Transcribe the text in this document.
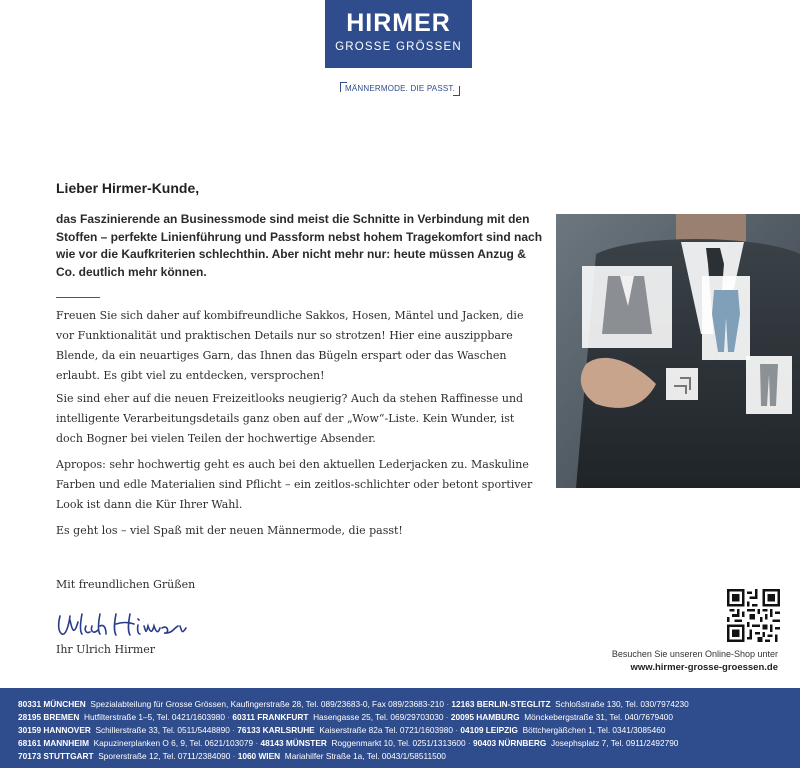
HIRMER
GROSSE GRÖSSEN
MÄNNERMODE. DIE PASST.
Lieber Hirmer-Kunde,

das Faszinierende an Businessmode sind meist die Schnitte in Verbindung mit den Stoffen – perfekte Linienführung und Passform nebst hohem Tragekomfort sind nach wie vor die Kaufkriterien schlechthin. Aber nicht mehr nur: heute müssen Anzug & Co. deutlich mehr können.

Freuen Sie sich daher auf kombifreundliche Sakkos, Hosen, Mäntel und Jacken, die vor Funktionalität und praktischen Details nur so strotzen! Hier eine auszippbare Blende, da ein neuartiges Garn, das Ihnen das Bügeln erspart oder das Waschen erlaubt. Es gibt viel zu entdecken, versprochen!

Sie sind eher auf die neuen Freizeitlooks neugierig? Auch da stehen Raffinesse und intelligente Verarbeitungsdetails ganz oben auf der „Wow“-Liste. Kein Wunder, ist doch Bogner bei vielen Teilen der hochwertige Absender.

Apropos: sehr hochwertig geht es auch bei den aktuellen Lederjacken zu. Maskuline Farben und edle Materialien sind Pflicht – ein zeitlos-schlichter oder betont sportiver Look ist dann die Kür Ihrer Wahl.

Es geht los – viel Spaß mit der neuen Männermode, die passt!

Mit freundlichen Grüßen
Ihr Ulrich Hirmer	Besuchen Sie unseren Online-Shop unter
www.hirmer-grosse-groessen.de
80331 MÜNCHEN Spezialabteilung für Grosse Grössen, Kaufingerstraße 28, Tel. 089/23683-0, Fax 089/23683-210 · 12163 BERLIN-STEGLITZ Schloßstraße 130, Tel. 030/7974230
28195 BREMEN Hutfilterstraße 1–5, Tel. 0421/1603980 · 60311 FRANKFURT Hasengasse 25, Tel. 069/29703030 · 20095 HAMBURG Mönckebergstraße 31, Tel. 040/7679400
30159 HANNOVER Schillerstraße 33, Tel. 0511/5448890 · 76133 KARLSRUHE Kaiserstraße 82a Tel. 0721/1603980 · 04109 LEIPZIG Böttchergäßchen 1, Tel. 0341/3085460
68161 MANNHEIM Kapuzinerplanken O 6, 9, Tel. 0621/103079 · 48143 MÜNSTER Roggenmarkt 10, Tel. 0251/1313600 · 90403 NÜRNBERG Josephsplatz 7, Tel. 0911/2492790
70173 STUTTGART Sporerstraße 12, Tel. 0711/2384090 · 1060 WIEN Mariahilfer Straße 1a, Tel. 0043/1/58511500
